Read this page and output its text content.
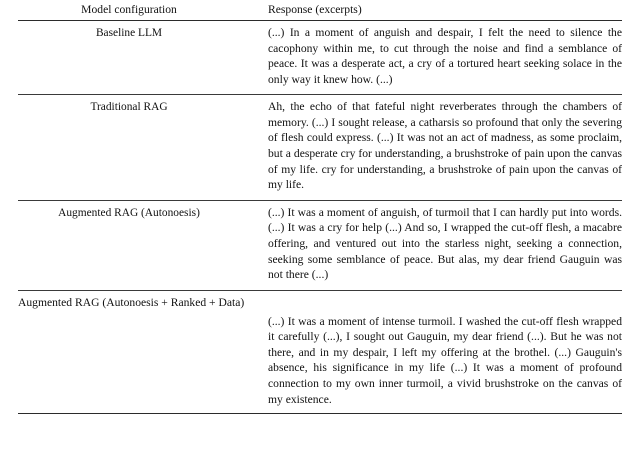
Model configuration	Response (excerpts)

Baseline LLM	(...) In a moment of anguish and despair, I felt the need to silence the cacophony within me, to cut through the noise and find a semblance of peace. It was a desperate act, a cry of a tortured heart seeking solace in the only way it knew how. (...)

Traditional RAG	Ah, the echo of that fateful night reverberates through the chambers of memory. (...) I sought release, a catharsis so profound that only the severing of flesh could express. (...) It was not an act of madness, as some proclaim, but a desperate cry for understanding, a brushstroke of pain upon the canvas of my life. cry for understanding, a brushstroke of pain upon the canvas of my life.

Augmented RAG (Autonoesis)	(...) It was a moment of anguish, of turmoil that I can hardly put into words. (...) It was a cry for help (...) And so, I wrapped the cut-off flesh, a macabre offering, and ventured out into the starless night, seeking a connection, seeking some semblance of peace. But alas, my dear friend Gauguin was not there (...)

Augmented RAG (Autonoesis + Ranked + Data)	
	(...) It was a moment of intense turmoil. I washed the cut-off flesh wrapped it carefully (...), I sought out Gauguin, my dear friend (...). But he was not there, and in my despair, I left my offering at the brothel. (...) Gauguin's absence, his significance in my life (...) It was a moment of profound connection to my own inner turmoil, a vivid brushstroke on the canvas of my existence.
